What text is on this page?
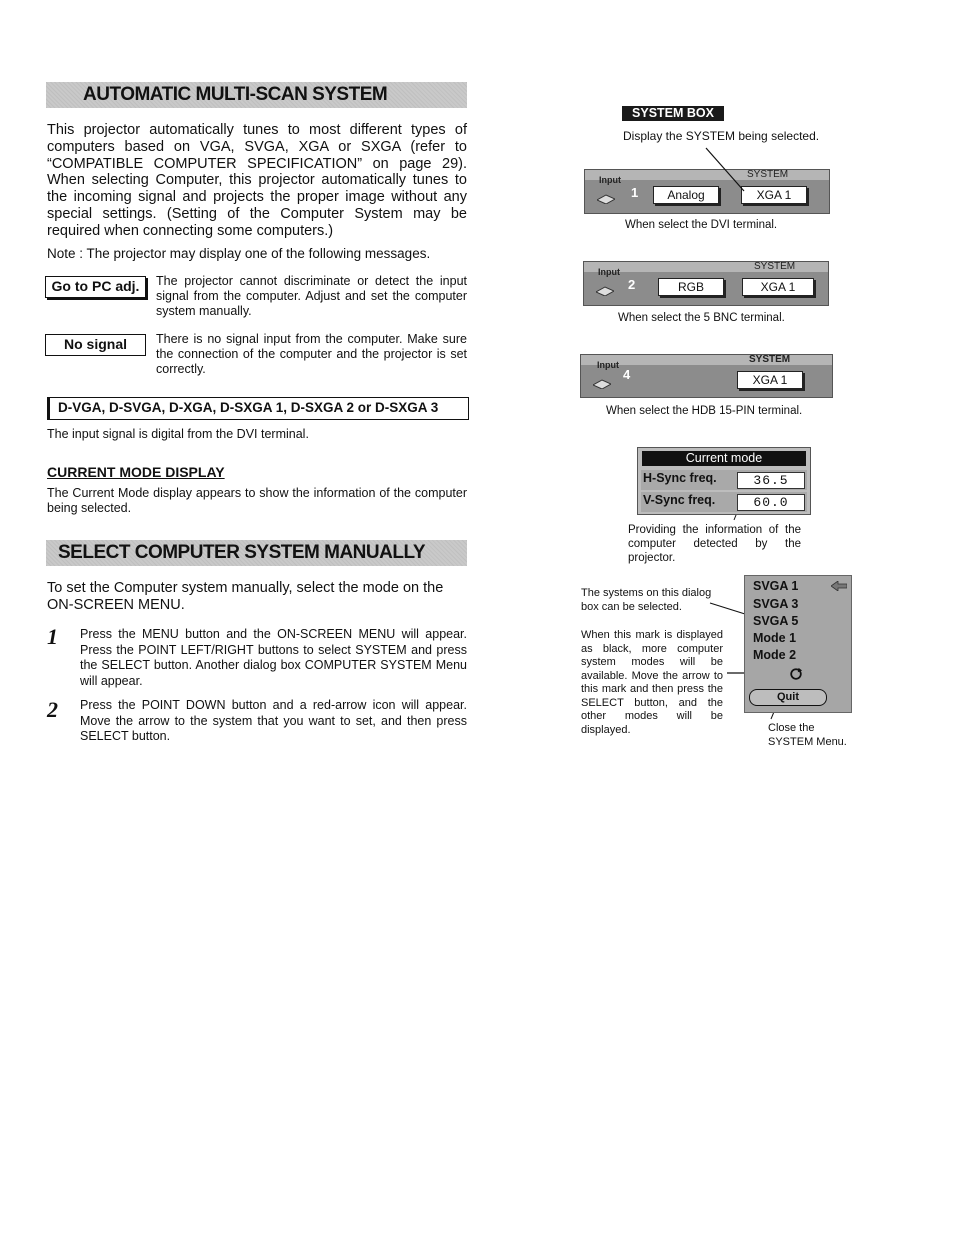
AUTOMATIC MULTI-SCAN SYSTEM
This projector automatically tunes to most different types of computers based on VGA, SVGA, XGA or SXGA (refer to “COMPATIBLE COMPUTER SPECIFICATION” on page 29). When selecting Computer, this projector automatically tunes to the incoming signal and projects the proper image without any special settings. (Setting of the Computer System may be required when connecting some computers.)
Note : The projector may display one of the following messages.
Go to PC adj.	The projector cannot discriminate or detect the input signal from the computer. Adjust and set the computer system manually.
No signal	There is no signal input from the computer. Make sure the connection of the computer and the projector is set correctly.
D-VGA, D-SVGA, D-XGA, D-SXGA 1, D-SXGA 2 or D-SXGA 3
The input signal is digital from the DVI terminal.
CURRENT MODE DISPLAY
The Current Mode display appears to show the information of the computer being selected.
SELECT COMPUTER SYSTEM MANUALLY
To set the Computer system manually, select the mode on the ON-SCREEN MENU.
1 Press the MENU button and the ON-SCREEN MENU will appear. Press the POINT LEFT/RIGHT buttons to select SYSTEM and press the SELECT button. Another dialog box COMPUTER SYSTEM Menu will appear.
2 Press the POINT DOWN button and a red-arrow icon will appear. Move the arrow to the system that you want to set, and then press SELECT button.
SYSTEM BOX
Display the SYSTEM being selected.
Input	SYSTEM
1	Analog	XGA 1
When select the DVI terminal.
Input	SYSTEM
2	RGB	XGA 1
When select the 5 BNC terminal.
Input	SYSTEM
4	XGA 1
When select the HDB 15-PIN terminal.
Current mode
H-Sync freq.	36.5
V-Sync freq.	60.0
Providing the information of the computer detected by the projector.
SVGA 1
SVGA 3
SVGA 5
Mode 1
Mode 2
Quit
The systems on this dialog box can be selected.
When this mark is displayed as black, more computer system modes will be available. Move the arrow to this mark and then press the SELECT button, and the other modes will be displayed.	Close the SYSTEM Menu.
